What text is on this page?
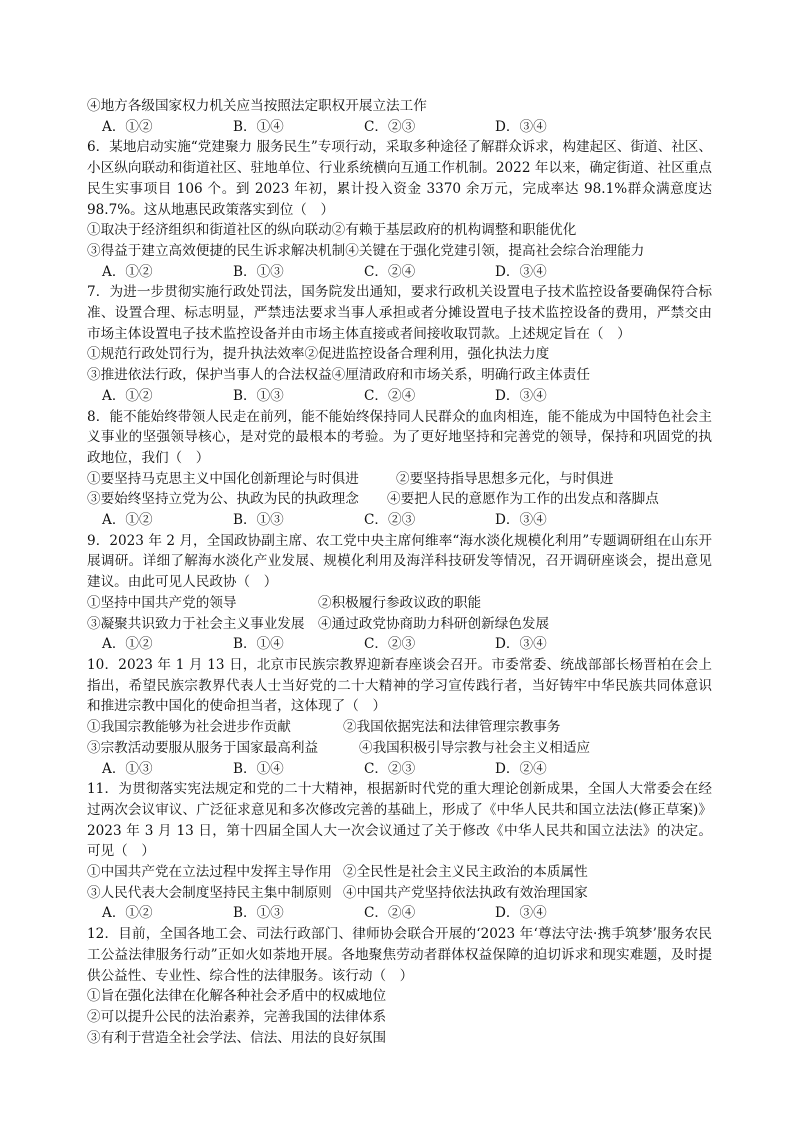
④地方各级国家权力机关应当按照法定职权开展立法工作
A．①②	B．①④	C．②③	D．③④
6．某地启动实施“党建聚力 服务民生”专项行动，采取多种途径了解群众诉求，构建起区、街道、社区、小区纵向联动和街道社区、驻地单位、行业系统横向互通工作机制。2022 年以来，确定街道、社区重点民生实事项目 106 个。到 2023 年初，累计投入资金 3370 余万元，完成率达 98.1%群众满意度达 98.7%。这从地惠民政策落实到位（　）
①取决于经济组织和街道社区的纵向联动②有赖于基层政府的机构调整和职能优化
③得益于建立高效便捷的民生诉求解决机制④关键在于强化党建引领，提高社会综合治理能力
A．①②	B．①③	C．②④	D．③④
7．为进一步贯彻实施行政处罚法，国务院发出通知，要求行政机关设置电子技术监控设备要确保符合标准、设置合理、标志明显，严禁违法要求当事人承担或者分摊设置电子技术监控设备的费用，严禁交由市场主体设置电子技术监控设备并由市场主体直接或者间接收取罚款。上述规定旨在（　）
①规范行政处罚行为，提升执法效率②促进监控设备合理利用，强化执法力度
③推进依法行政，保护当事人的合法权益④厘清政府和市场关系，明确行政主体责任
A．①②	B．①③	C．②④	D．③④
8．能不能始终带领人民走在前列，能不能始终保持同人民群众的血肉相连，能不能成为中国特色社会主义事业的坚强领导核心，是对党的最根本的考验。为了更好地坚持和完善党的领导，保持和巩固党的执政地位，我们（　）
①要坚持马克思主义中国化创新理论与时俱进	②要坚持指导思想多元化，与时俱进
③要始终坚持立党为公、执政为民的执政理念	④要把人民的意愿作为工作的出发点和落脚点
A．①②	B．①③	C．②③	D．③④
9．2023 年 2 月，全国政协副主席、农工党中央主席何维率“海水淡化规模化利用”专题调研组在山东开展调研。详细了解海水淡化产业发展、规模化利用及海洋科技研发等情况，召开调研座谈会，提出意见建议。由此可见人民政协（　）
①坚持中国共产党的领导	②积极履行参政议政的职能
③凝聚共识致力于社会主义事业发展 ④通过政党协商助力科研创新绿色发展
A．①②	B．①④	C．②③	D．③④
10．2023 年 1 月 13 日，北京市民族宗教界迎新春座谈会召开。市委常委、统战部部长杨晋柏在会上指出，希望民族宗教界代表人士当好党的二十大精神的学习宣传践行者，当好铸牢中华民族共同体意识和推进宗教中国化的使命担当者，这体现了（　）
①我国宗教能够为社会进步作贡献	②我国依据宪法和法律管理宗教事务
③宗教活动要服从服务于国家最高利益	④我国积极引导宗教与社会主义相适应
A．①③	B．①④	C．②③	D．②④
11．为贯彻落实宪法规定和党的二十大精神，根据新时代党的重大理论创新成果，全国人大常委会在经过两次会议审议、广泛征求意见和多次修改完善的基础上，形成了《中华人民共和国立法法(修正草案)》 2023 年 3 月 13 日，第十四届全国人大一次会议通过了关于修改《中华人民共和国立法法》的决定。可见（　）
①中国共产党在立法过程中发挥主导作用 ②全民性是社会主义民主政治的本质属性
③人民代表大会制度坚持民主集中制原则 ④中国共产党坚持依法执政有效治理国家
A．①②	B．①③	C．②④	D．③④
12．目前，全国各地工会、司法行政部门、律师协会联合开展的‘2023 年‘尊法守法·携手筑梦’服务农民工公益法律服务行动”正如火如荼地开展。各地聚焦劳动者群体权益保障的迫切诉求和现实难题，及时提供公益性、专业性、综合性的法律服务。该行动（　）
①旨在强化法律在化解各种社会矛盾中的权威地位
②可以提升公民的法治素养，完善我国的法律体系
③有利于营造全社会学法、信法、用法的良好氛围
